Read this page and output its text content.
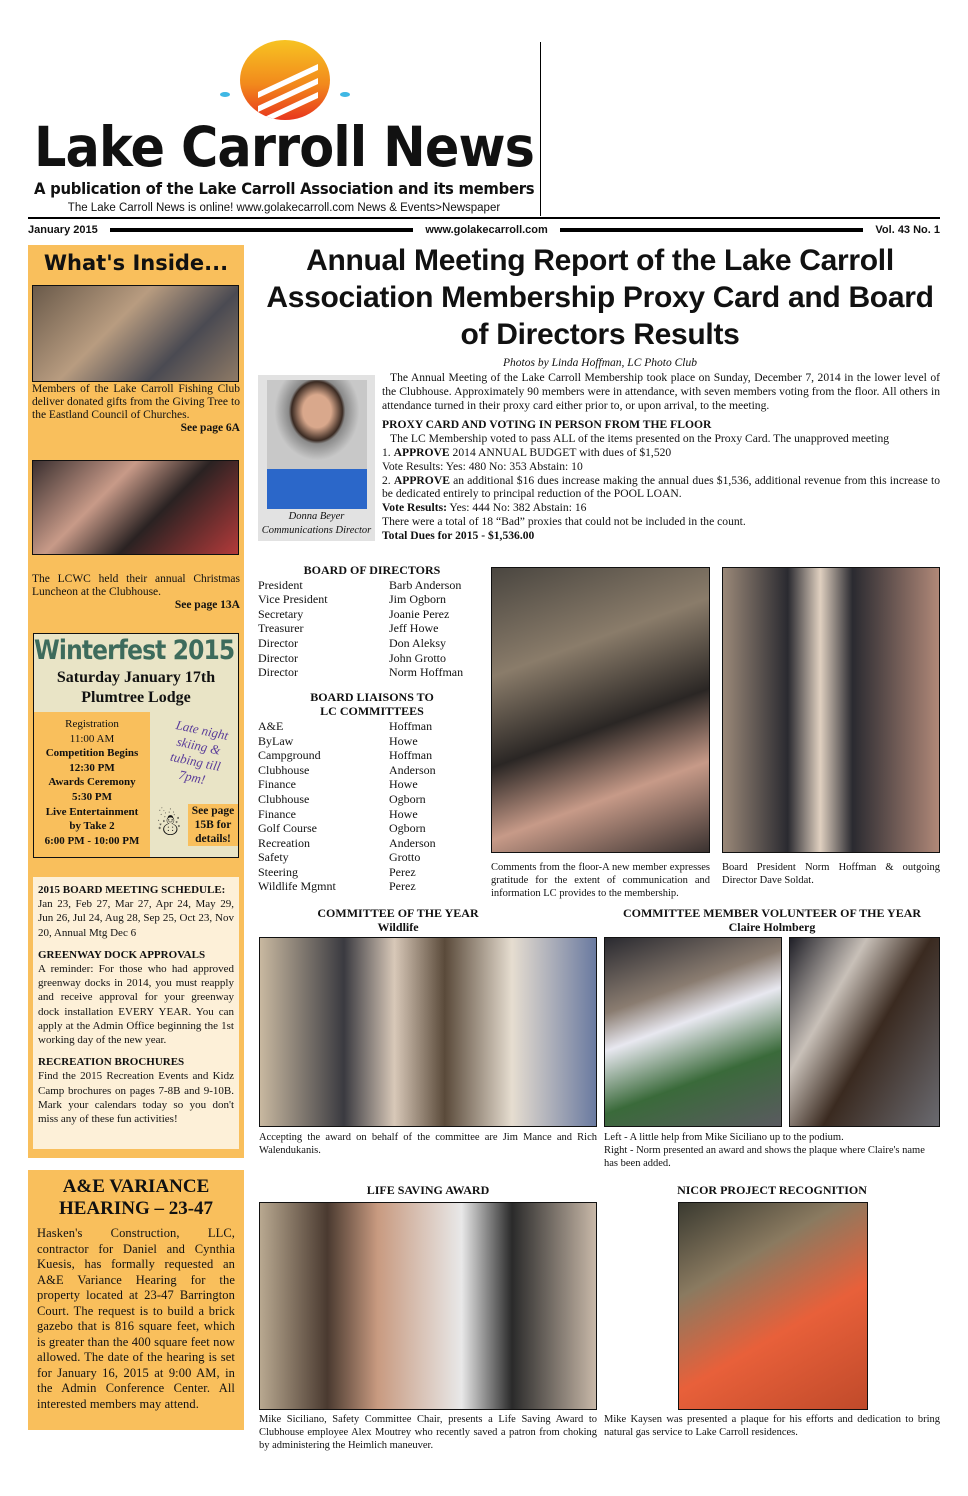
Lake Carroll News
A publication of the Lake Carroll Association and its members
The Lake Carroll News is online! www.golakecarroll.com News & Events>Newspaper
January 2015	www.golakecarroll.com	Vol. 43 No. 1
What's Inside...
Members of the Lake Carroll Fishing Club deliver donated gifts from the Giving Tree to the Eastland Council of Churches.
See page 6A
The LCWC held their annual Christmas Luncheon at the Clubhouse.
See page 13A
Winterfest 2015
Saturday January 17th
Plumtree Lodge
Registration
11:00 AM
Competition Begins
12:30 PM
Awards Ceremony
5:30 PM
Live Entertainment
by Take 2
6:00 PM - 10:00 PM
Late night skiing & tubing till 7pm!
☃ See page 15B for details!
2015 BOARD MEETING SCHEDULE:
Jan 23, Feb 27, Mar 27, Apr 24, May 29, Jun 26, Jul 24, Aug 28, Sep 25, Oct 23, Nov 20, Annual Mtg Dec 6
GREENWAY DOCK APPROVALS
A reminder: For those who had approved greenway docks in 2014, you must reapply and receive approval for your greenway dock installation EVERY YEAR. You can apply at the Admin Office beginning the 1st working day of the new year.
RECREATION BROCHURES
Find the 2015 Recreation Events and Kidz Camp brochures on pages 7-8B and 9-10B. Mark your calendars today so you don't miss any of these fun activities!
A&E VARIANCE HEARING – 23-47

Hasken's Construction, LLC, contractor for Daniel and Cynthia Kuesis, has formally requested an A&E Variance Hearing for the property located at 23-47 Barrington Court. The request is to build a brick gazebo that is 816 square feet, which is greater than the 400 square feet now allowed. The date of the hearing is set for January 16, 2015 at 9:00 AM, in the Admin Conference Center. All interested members may attend.

Annual Meeting Report of the Lake Carroll Association Membership Proxy Card and Board of Directors Results
Photos by Linda Hoffman, LC Photo Club
Donna Beyer
Communications Director

The Annual Meeting of the Lake Carroll Membership took place on Sunday, December 7, 2014 in the lower level of the Clubhouse. Approximately 90 members were in attendance, with seven members voting from the floor. All others in attendance turned in their proxy card either prior to, or upon arrival, to the meeting.

PROXY CARD AND VOTING IN PERSON FROM THE FLOOR

The LC Membership voted to pass ALL of the items presented on the Proxy Card. The unapproved meeting

1. APPROVE 2014 ANNUAL BUDGET with dues of $1,520
Vote Results: Yes: 480 No: 353 Abstain: 10
2. APPROVE an additional $16 dues increase making the annual dues $1,536, additional revenue from this increase to be dedicated entirely to principal reduction of the POOL LOAN.
Vote Results: Yes: 444 No: 382 Abstain: 16
There were a total of 18 “Bad” proxies that could not be included in the count.
Total Dues for 2015 - $1,536.00
BOARD OF DIRECTORS
President	Barb Anderson
Vice President	Jim Ogborn
Secretary	Joanie Perez
Treasurer	Jeff Howe
Director	Don Aleksy
Director	John Grotto
Director	Norm Hoffman
BOARD LIAISONS TO
LC COMMITTEES
A&E	Hoffman
ByLaw	Howe
Campground	Hoffman
Clubhouse	Anderson
Finance	Howe
Clubhouse	Ogborn
Finance	Howe
Golf Course	Ogborn
Recreation	Anderson
Safety	Grotto
Steering	Perez
Wildlife Mgmnt	Perez
Comments from the floor-A new member expresses gratitude for the extent of communication and information LC provides to the membership.
Board President Norm Hoffman & outgoing Director Dave Soldat.
COMMITTEE OF THE YEAR
Wildlife
COMMITTEE MEMBER VOLUNTEER OF THE YEAR
Claire Holmberg
Accepting the award on behalf of the committee are Jim Mance and Rich Walendukanis.
Left - A little help from Mike Siciliano up to the podium.
Right - Norm presented an award and shows the plaque where Claire's name has been added.
LIFE SAVING AWARD	NICOR PROJECT RECOGNITION
Mike Siciliano, Safety Committee Chair, presents a Life Saving Award to Clubhouse employee Alex Moutrey who recently saved a patron from choking by administering the Heimlich maneuver.
Mike Kaysen was presented a plaque for his efforts and dedication to bring natural gas service to Lake Carroll residences.
